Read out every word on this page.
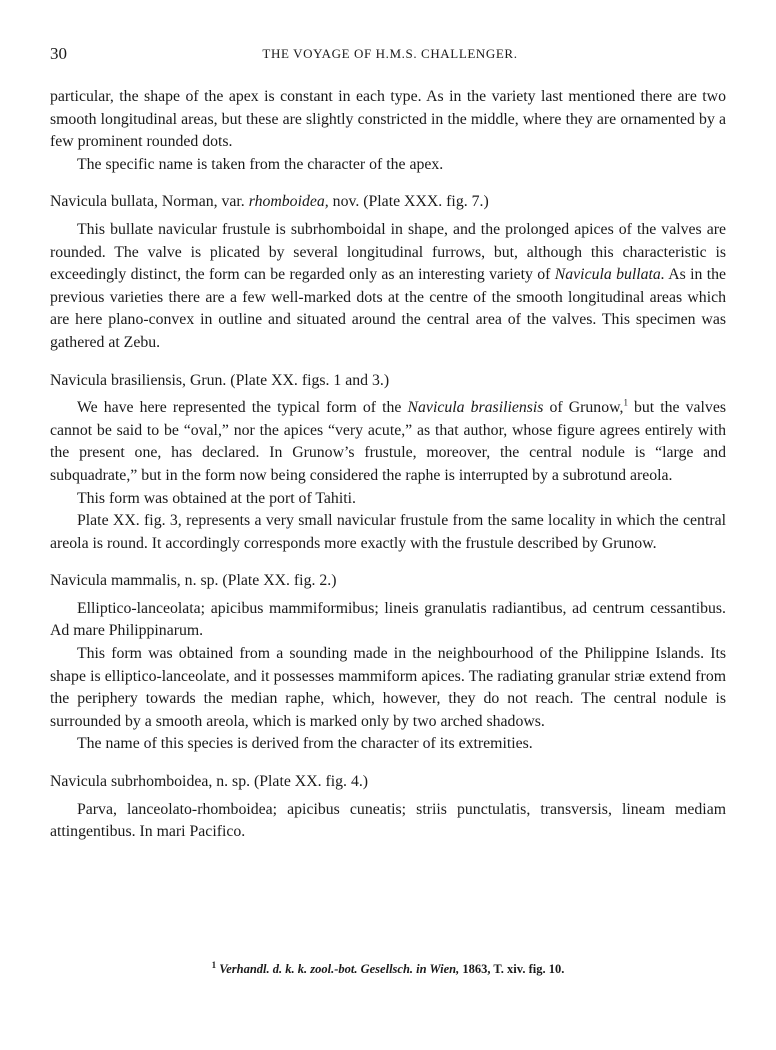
30	THE VOYAGE OF H.M.S. CHALLENGER.

particular, the shape of the apex is constant in each type. As in the variety last mentioned there are two smooth longitudinal areas, but these are slightly constricted in the middle, where they are ornamented by a few prominent rounded dots.

The specific name is taken from the character of the apex.

Navicula bullata, Norman, var. rhomboidea, nov. (Plate XXX. fig. 7.)

This bullate navicular frustule is subrhomboidal in shape, and the prolonged apices of the valves are rounded. The valve is plicated by several longitudinal furrows, but, although this characteristic is exceedingly distinct, the form can be regarded only as an interesting variety of Navicula bullata. As in the previous varieties there are a few well-marked dots at the centre of the smooth longitudinal areas which are here plano-convex in outline and situated around the central area of the valves. This specimen was gathered at Zebu.

Navicula brasiliensis, Grun. (Plate XX. figs. 1 and 3.)

We have here represented the typical form of the Navicula brasiliensis of Grunow,$^1$ but the valves cannot be said to be “oval,” nor the apices “very acute,” as that author, whose figure agrees entirely with the present one, has declared. In Grunow’s frustule, moreover, the central nodule is “large and subquadrate,” but in the form now being considered the raphe is interrupted by a subrotund areola.

This form was obtained at the port of Tahiti.

Plate XX. fig. 3, represents a very small navicular frustule from the same locality in which the central areola is round. It accordingly corresponds more exactly with the frustule described by Grunow.

Navicula mammalis, n. sp. (Plate XX. fig. 2.)

Elliptico-lanceolata; apicibus mammiformibus; lineis granulatis radiantibus, ad centrum cessantibus. Ad mare Philippinarum.

This form was obtained from a sounding made in the neighbourhood of the Philippine Islands. Its shape is elliptico-lanceolate, and it possesses mammiform apices. The radiating granular striæ extend from the periphery towards the median raphe, which, however, they do not reach. The central nodule is surrounded by a smooth areola, which is marked only by two arched shadows.

The name of this species is derived from the character of its extremities.

Navicula subrhomboidea, n. sp. (Plate XX. fig. 4.)

Parva, lanceolato-rhomboidea; apicibus cuneatis; striis punctulatis, transversis, lineam mediam attingentibus. In mari Pacifico.

$^1$ Verhandl. d. k. k. zool.-bot. Gesellsch. in Wien, 1863, T. xiv. fig. 10.
